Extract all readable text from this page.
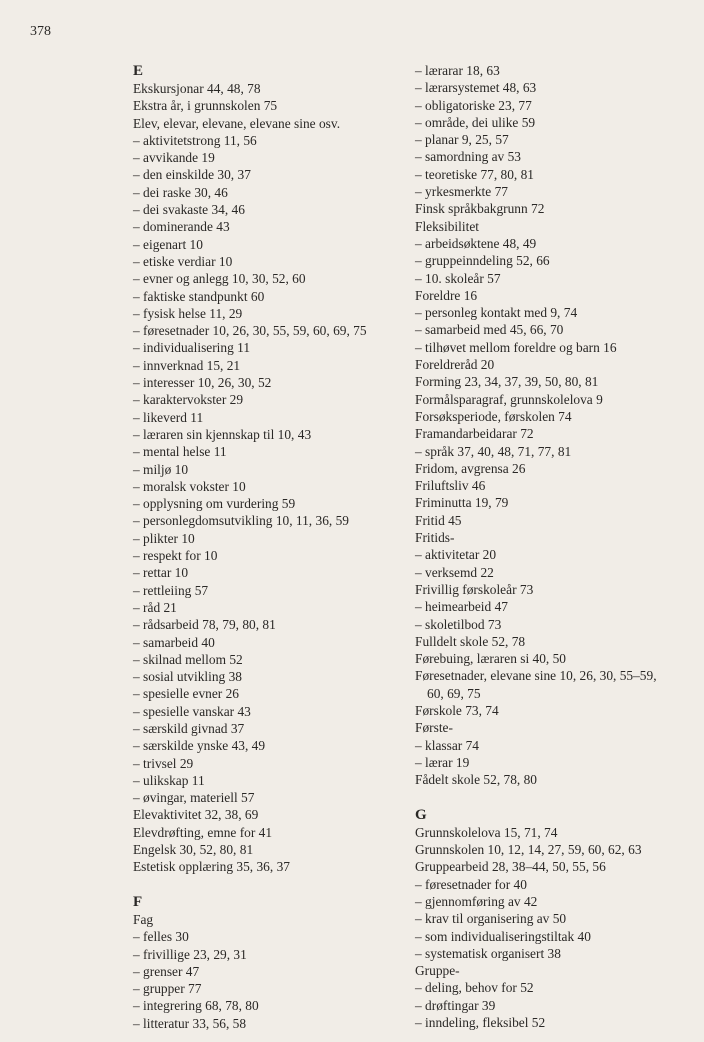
378
E
Ekskursjonar 44, 48, 78
Ekstra år, i grunnskolen 75
Elev, elevar, elevane, elevane sine osv.
– aktivitetstrong 11, 56
– avvikande 19
– den einskilde 30, 37
– dei raske 30, 46
– dei svakaste 34, 46
– dominerande 43
– eigenart 10
– etiske verdiar 10
– evner og anlegg 10, 30, 52, 60
– faktiske standpunkt 60
– fysisk helse 11, 29
– føresetnader 10, 26, 30, 55, 59, 60, 69, 75
– individualisering 11
– innverknad 15, 21
– interesser 10, 26, 30, 52
– karaktervokster 29
– likeverd 11
– læraren sin kjennskap til 10, 43
– mental helse 11
– miljø 10
– moralsk vokster 10
– opplysning om vurdering 59
– personlegdomsutvikling 10, 11, 36, 59
– plikter 10
– respekt for 10
– rettar 10
– rettleiing 57
– råd 21
– rådsarbeid 78, 79, 80, 81
– samarbeid 40
– skilnad mellom 52
– sosial utvikling 38
– spesielle evner 26
– spesielle vanskar 43
– særskild givnad 37
– særskilde ynske 43, 49
– trivsel 29
– ulikskap 11
– øvingar, materiell 57
Elevaktivitet 32, 38, 69
Elevdrøfting, emne for 41
Engelsk 30, 52, 80, 81
Estetisk opplæring 35, 36, 37
F
Fag
– felles 30
– frivillige 23, 29, 31
– grenser 47
– grupper 77
– integrering 68, 78, 80
– litteratur 33, 56, 58
– lærarar 18, 63
– lærarsystemet 48, 63
– obligatoriske 23, 77
– område, dei ulike 59
– planar 9, 25, 57
– samordning av 53
– teoretiske 77, 80, 81
– yrkesmerkte 77
Finsk språkbakgrunn 72
Fleksibilitet
– arbeidsøktene 48, 49
– gruppeinndeling 52, 66
– 10. skoleår 57
Foreldre 16
– personleg kontakt med 9, 74
– samarbeid med 45, 66, 70
– tilhøvet mellom foreldre og barn 16
Foreldreråd 20
Forming 23, 34, 37, 39, 50, 80, 81
Formålsparagraf, grunnskolelova 9
Forsøksperiode, førskolen 74
Framandarbeidarar 72
– språk 37, 40, 48, 71, 77, 81
Fridom, avgrensa 26
Friluftsliv 46
Friminutta 19, 79
Fritid 45
Fritids-
– aktivitetar 20
– verksemd 22
Frivillig førskoleår 73
– heimearbeid 47
– skoletilbod 73
Fulldelt skole 52, 78
Førebuing, læraren si 40, 50
Føresetnader, elevane sine 10, 26, 30, 55–59,
60, 69, 75
Førskole 73, 74
Første-
– klassar 74
– lærar 19
Fådelt skole 52, 78, 80
G
Grunnskolelova 15, 71, 74
Grunnskolen 10, 12, 14, 27, 59, 60, 62, 63
Gruppearbeid 28, 38–44, 50, 55, 56
– føresetnader for 40
– gjennomføring av 42
– krav til organisering av 50
– som individualiseringstiltak 40
– systematisk organisert 38
Gruppe-
– deling, behov for 52
– drøftingar 39
– inndeling, fleksibel 52
